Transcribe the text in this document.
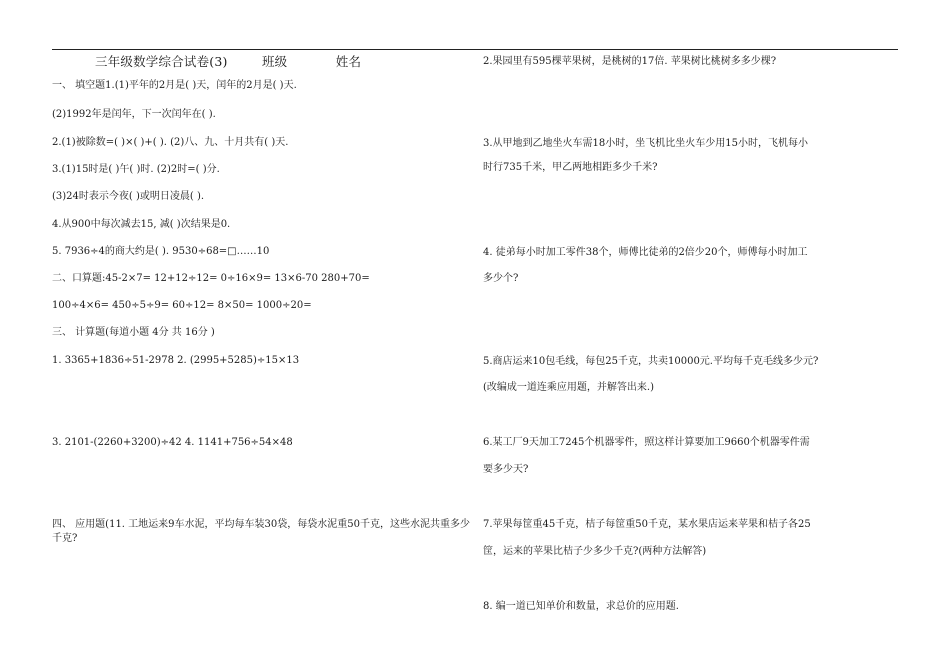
三年级数学综合试卷(3)	班级	姓名
一、 填空题1.(1)平年的2月是( )天，闰年的2月是( )天.
(2)1992年是闰年，下一次闰年在( ).
2.(1)被除数=( )×( )+( ). (2)八、九、十月共有( )天.
3.(1)15时是( )午( )时. (2)2时=( )分.
(3)24时表示今夜( )或明日凌晨( ).
4.从900中每次减去15, 减( )次结果是0.
5. 7936÷4的商大约是( ). 9530÷68=□……10
二、口算题:45-2×7= 12+12÷12= 0÷16×9= 13×6-70 280+70=
100÷4×6= 450÷5÷9= 60÷12= 8×50= 1000÷20=
三、 计算题(每道小题 4分 共 16分 )
1. 3365+1836÷51-2978 2. (2995+5285)÷15×13
3. 2101-(2260+3200)÷42 4. 1141+756÷54×48
四、 应用题(11. 工地运来9车水泥，平均每车装30袋，每袋水泥重50千克，这些水泥共重多少千克?
2.果园里有595棵苹果树，是桃树的17倍. 苹果树比桃树多多少棵?
3.从甲地到乙地坐火车需18小时，坐飞机比坐火车少用15小时，飞机每小
时行735千米，甲乙两地相距多少千米?
4. 徒弟每小时加工零件38个，师傅比徒弟的2倍少20个，师傅每小时加工
多少个?
5.商店运来10包毛线，每包25千克，共卖10000元.平均每千克毛线多少元?
(改编成一道连乘应用题，并解答出来.)
6.某工厂9天加工7245个机器零件，照这样计算要加工9660个机器零件需
要多少天?
7.苹果每筐重45千克，桔子每筐重50千克，某水果店运来苹果和桔子各25
筐，运来的苹果比桔子少多少千克?(两种方法解答)
8. 编一道已知单价和数量，求总价的应用题.
